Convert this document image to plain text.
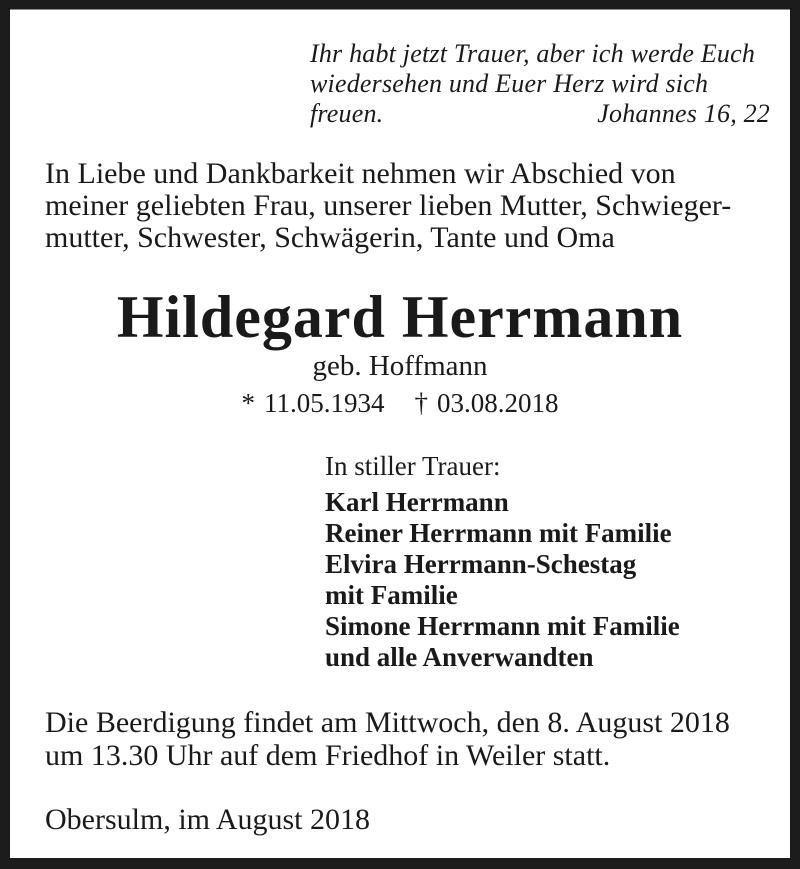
Ihr habt jetzt Trauer, aber ich werde Euch
wiedersehen und Euer Herz wird sich
freuen.	Johannes 16, 22
In Liebe und Dankbarkeit nehmen wir Abschied von
meiner geliebten Frau, unserer lieben Mutter, Schwieger-
mutter, Schwester, Schwägerin, Tante und Oma
Hildegard Herrmann
geb. Hoffmann
* 11.05.1934 † 03.08.2018
In stiller Trauer:
Karl Herrmann
Reiner Herrmann mit Familie
Elvira Herrmann-Schestag
mit Familie
Simone Herrmann mit Familie
und alle Anverwandten
Die Beerdigung findet am Mittwoch, den 8. August 2018
um 13.30 Uhr auf dem Friedhof in Weiler statt.
Obersulm, im August 2018
